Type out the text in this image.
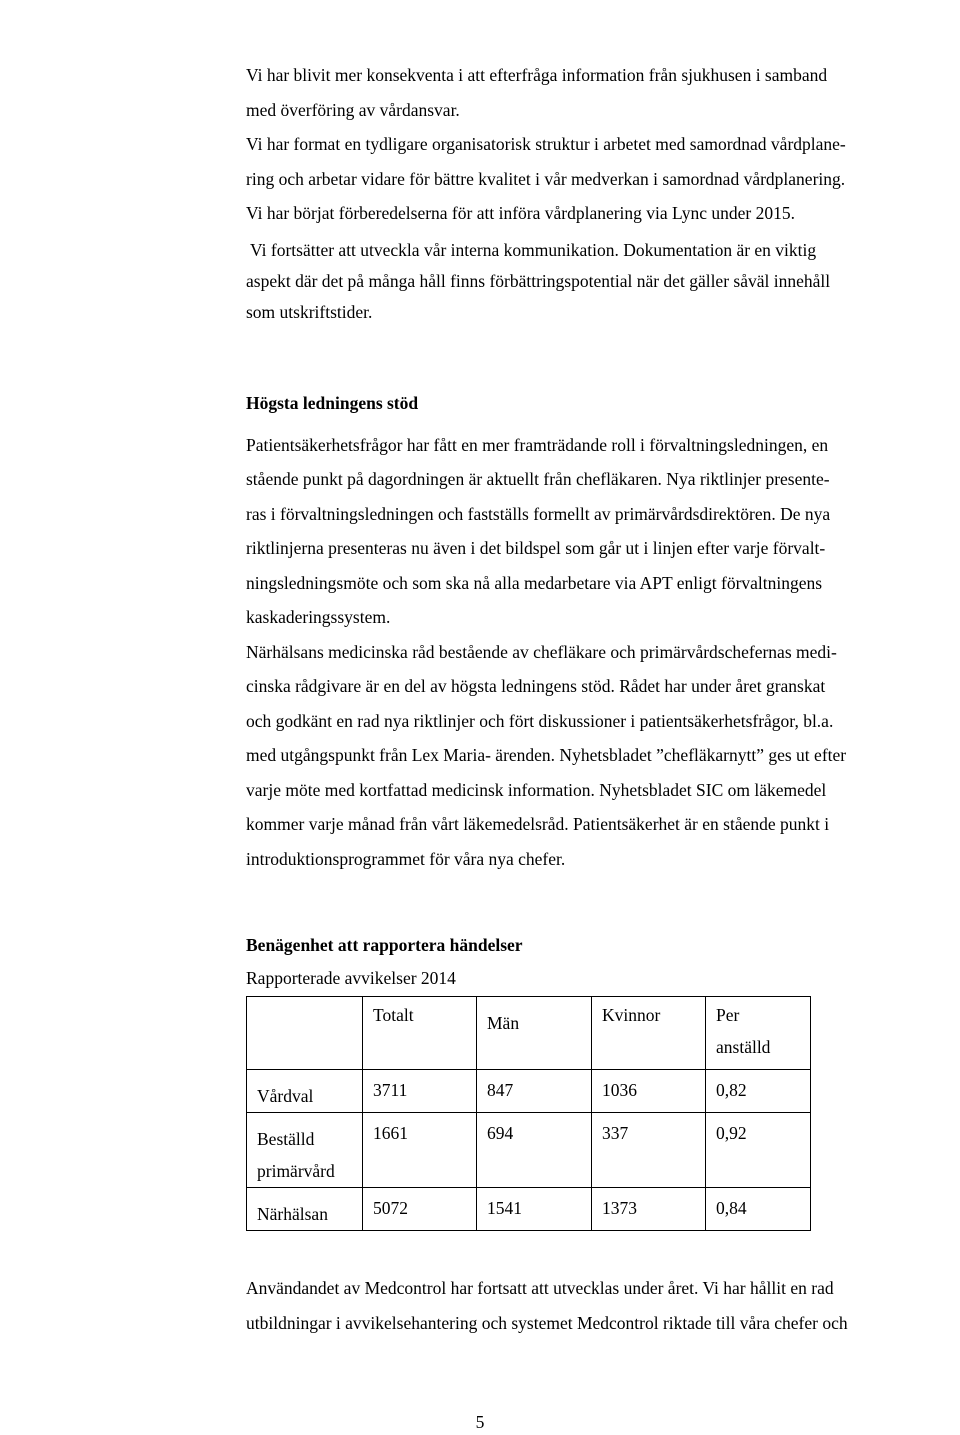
Vi har blivit mer konsekventa i att efterfråga information från sjukhusen i samband
med överföring av vårdansvar.

Vi har format en tydligare organisatorisk struktur i arbetet med samordnad vårdplane-
ring och arbetar vidare för bättre kvalitet i vår medverkan i samordnad vårdplanering.

Vi har börjat förberedelserna för att införa vårdplanering via Lync under 2015.

Vi fortsätter att utveckla vår interna kommunikation. Dokumentation är en viktig
aspekt där det på många håll finns förbättringspotential när det gäller såväl innehåll
som utskriftstider.

Högsta ledningens stöd

Patientsäkerhetsfrågor har fått en mer framträdande roll i förvaltningsledningen, en
stående punkt på dagordningen är aktuellt från chefläkaren. Nya riktlinjer presente-
ras i förvaltningsledningen och fastställs formellt av primärvårdsdirektören. De nya
riktlinjerna presenteras nu även i det bildspel som går ut i linjen efter varje förvalt-
ningsledningsmöte och som ska nå alla medarbetare via APT enligt förvaltningens
kaskaderingssystem.

Närhälsans medicinska råd bestående av chefläkare och primärvårdschefernas medi-
cinska rådgivare är en del av högsta ledningens stöd. Rådet har under året granskat
och godkänt en rad nya riktlinjer och fört diskussioner i patientsäkerhetsfrågor, bl.a.
med utgångspunkt från Lex Maria- ärenden. Nyhetsbladet ”chefläkarnytt” ges ut efter
varje möte med kortfattad medicinsk information. Nyhetsbladet SIC om läkemedel
kommer varje månad från vårt läkemedelsråd. Patientsäkerhet är en stående punkt i
introduktionsprogrammet för våra nya chefer.

Benägenhet att rapportera händelser

Rapporterade avvikelser 2014

	Totalt	Män	Kvinnor	Per
anställd
Vårdval	3711	847	1036	0,82
Beställd
primärvård	1661	694	337	0,92
Närhälsan	5072	1541	1373	0,84

Användandet av Medcontrol har fortsatt att utvecklas under året. Vi har hållit en rad
utbildningar i avvikelsehantering och systemet Medcontrol riktade till våra chefer och

5
